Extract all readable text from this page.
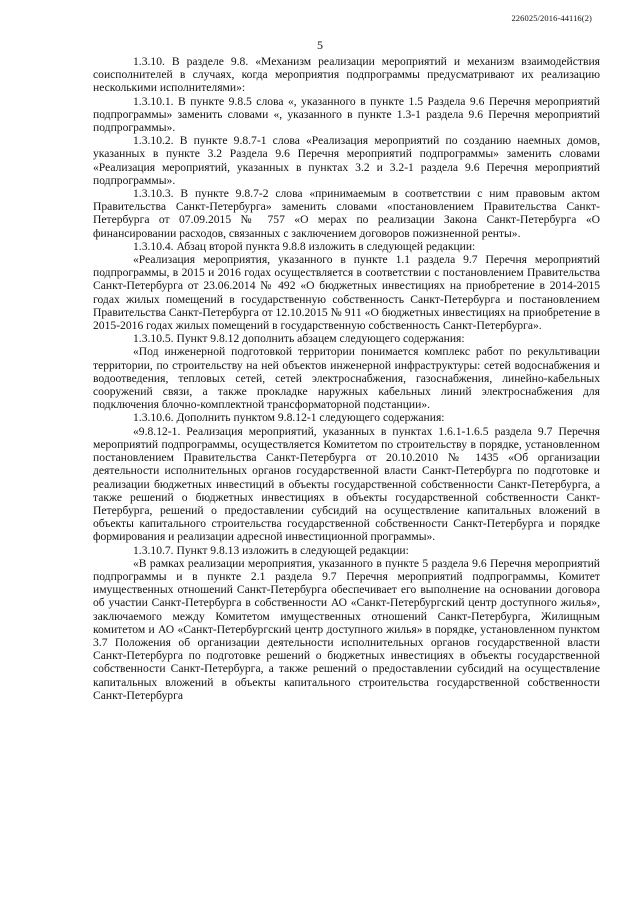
226025/2016-44116(2)
5

1.3.10. В разделе 9.8. «Механизм реализации мероприятий и механизм взаимодействия соисполнителей в случаях, когда мероприятия подпрограммы предусматривают их реализацию несколькими исполнителями»:

1.3.10.1. В пункте 9.8.5 слова «, указанного в пункте 1.5 Раздела 9.6 Перечня мероприятий подпрограммы» заменить словами «, указанного в пункте 1.3-1 раздела 9.6 Перечня мероприятий подпрограммы».

1.3.10.2. В пункте 9.8.7-1 слова «Реализация мероприятий по созданию наемных домов, указанных в пункте 3.2 Раздела 9.6 Перечня мероприятий подпрограммы» заменить словами «Реализация мероприятий, указанных в пунктах 3.2 и 3.2-1 раздела 9.6 Перечня мероприятий подпрограммы».

1.3.10.3. В пункте 9.8.7-2 слова «принимаемым в соответствии с ним правовым актом Правительства Санкт-Петербурга» заменить словами «постановлением Правительства Санкт-Петербурга от 07.09.2015 № 757 «О мерах по реализации Закона Санкт-Петербурга «О финансировании расходов, связанных с заключением договоров пожизненной ренты».

1.3.10.4. Абзац второй пункта 9.8.8 изложить в следующей редакции:

«Реализация мероприятия, указанного в пункте 1.1 раздела 9.7 Перечня мероприятий подпрограммы, в 2015 и 2016 годах осуществляется в соответствии с постановлением Правительства Санкт-Петербурга от 23.06.2014 № 492 «О бюджетных инвестициях на приобретение в 2014-2015 годах жилых помещений в государственную собственность Санкт-Петербурга и постановлением Правительства Санкт-Петербурга от 12.10.2015 № 911 «О бюджетных инвестициях на приобретение в 2015-2016 годах жилых помещений в государственную собственность Санкт-Петербурга».

1.3.10.5. Пункт 9.8.12 дополнить абзацем следующего содержания:

«Под инженерной подготовкой территории понимается комплекс работ по рекультивации территории, по строительству на ней объектов инженерной инфраструктуры: сетей водоснабжения и водоотведения, тепловых сетей, сетей электроснабжения, газоснабжения, линейно-кабельных сооружений связи, а также прокладке наружных кабельных линий электроснабжения для подключения блочно-комплектной трансформаторной подстанции».

1.3.10.6. Дополнить пунктом 9.8.12-1 следующего содержания:

«9.8.12-1. Реализация мероприятий, указанных в пунктах 1.6.1-1.6.5 раздела 9.7 Перечня мероприятий подпрограммы, осуществляется Комитетом по строительству в порядке, установленном постановлением Правительства Санкт-Петербурга от 20.10.2010 № 1435 «Об организации деятельности исполнительных органов государственной власти Санкт-Петербурга по подготовке и реализации бюджетных инвестиций в объекты государственной собственности Санкт-Петербурга, а также решений о бюджетных инвестициях в объекты государственной собственности Санкт-Петербурга, решений о предоставлении субсидий на осуществление капитальных вложений в объекты капитального строительства государственной собственности Санкт-Петербурга и порядке формирования и реализации адресной инвестиционной программы».

1.3.10.7. Пункт 9.8.13 изложить в следующей редакции:

«В рамках реализации мероприятия, указанного в пункте 5 раздела 9.6 Перечня мероприятий подпрограммы и в пункте 2.1 раздела 9.7 Перечня мероприятий подпрограммы, Комитет имущественных отношений Санкт-Петербурга обеспечивает его выполнение на основании договора об участии Санкт-Петербурга в собственности АО «Санкт-Петербургский центр доступного жилья», заключаемого между Комитетом имущественных отношений Санкт-Петербурга, Жилищным комитетом и АО «Санкт-Петербургский центр доступного жилья» в порядке, установленном пунктом 3.7 Положения об организации деятельности исполнительных органов государственной власти Санкт-Петербурга по подготовке решений о бюджетных инвестициях в объекты государственной собственности Санкт-Петербурга, а также решений о предоставлении субсидий на осуществление капитальных вложений в объекты капитального строительства государственной собственности Санкт-Петербурга
